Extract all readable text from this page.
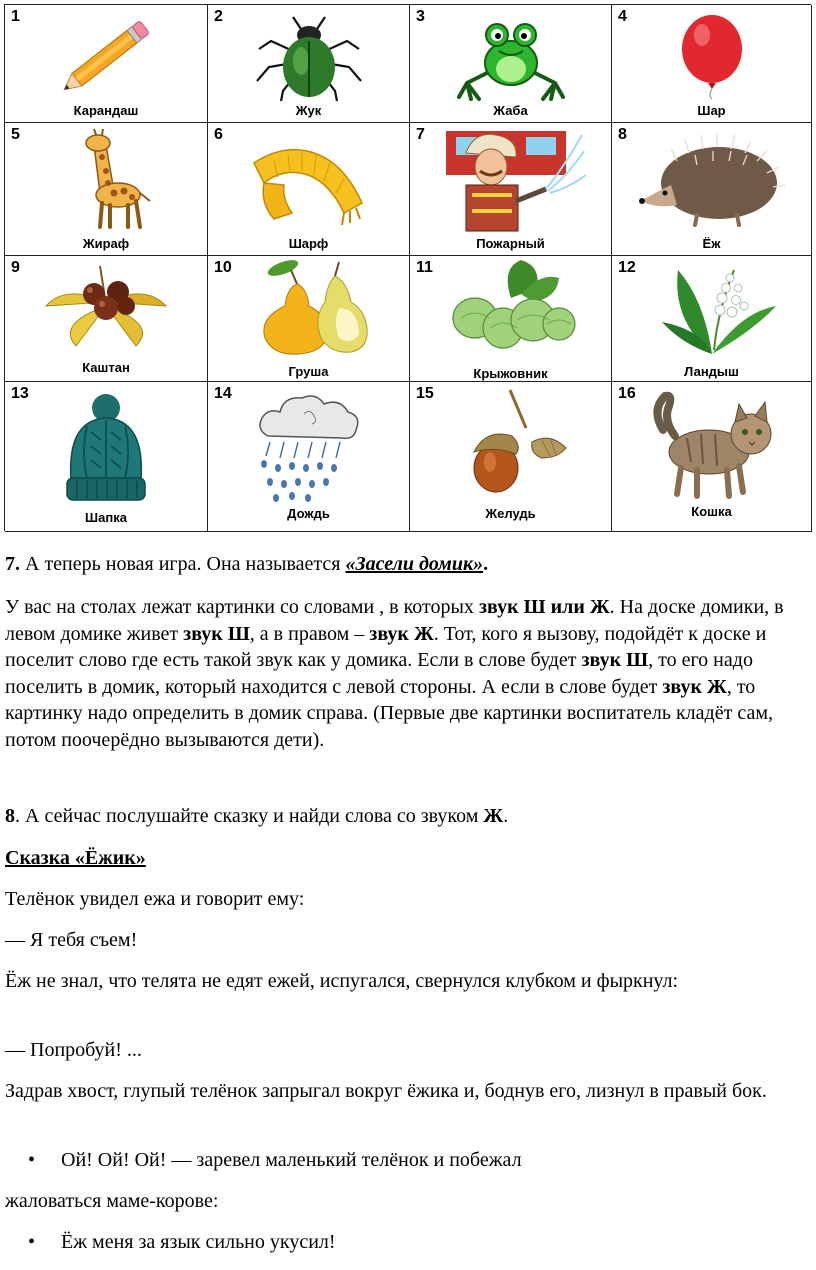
1
Карандаш
2
Жук
3
Жаба
4
Шар
5
Жираф
6
Шарф
7
Пожарный
8
Ёж
9
Каштан
10
Груша
11
Крыжовник
12
Ландыш
13
Шапка
14
Дождь
15
Желудь
16
Кошка

7. А теперь новая игра. Она называется «Засели домик».

У вас на столах лежат картинки со словами , в которых звук Ш или Ж. На доске домики, в левом домике живет звук Ш, а в правом – звук Ж. Тот, кого я вызову, подойдёт к доске и поселит слово где есть такой звук как у домика. Если в слове будет звук Ш, то его надо поселить в домик, который находится с левой стороны. А если в слове будет звук Ж, то картинку надо определить в домик справа. (Первые две картинки воспитатель кладёт сам, потом поочерёдно вызываются дети).

8. А сейчас послушайте сказку и найди слова со звуком Ж.

Сказка «Ёжик»

Телёнок увидел ежа и говорит ему:

— Я тебя съем!

Ёж не знал, что телята не едят ежей, испугался, свернулся клубком и фыркнул:

— Попробуй! ...

Задрав хвост, глупый телёнок запрыгал вокруг ёжика и, боднув его, лизнул в правый бок.

• Ой! Ой! Ой! — заревел маленький телёнок и побежал

жаловаться маме-корове:

• Ёж меня за язык сильно укусил!
